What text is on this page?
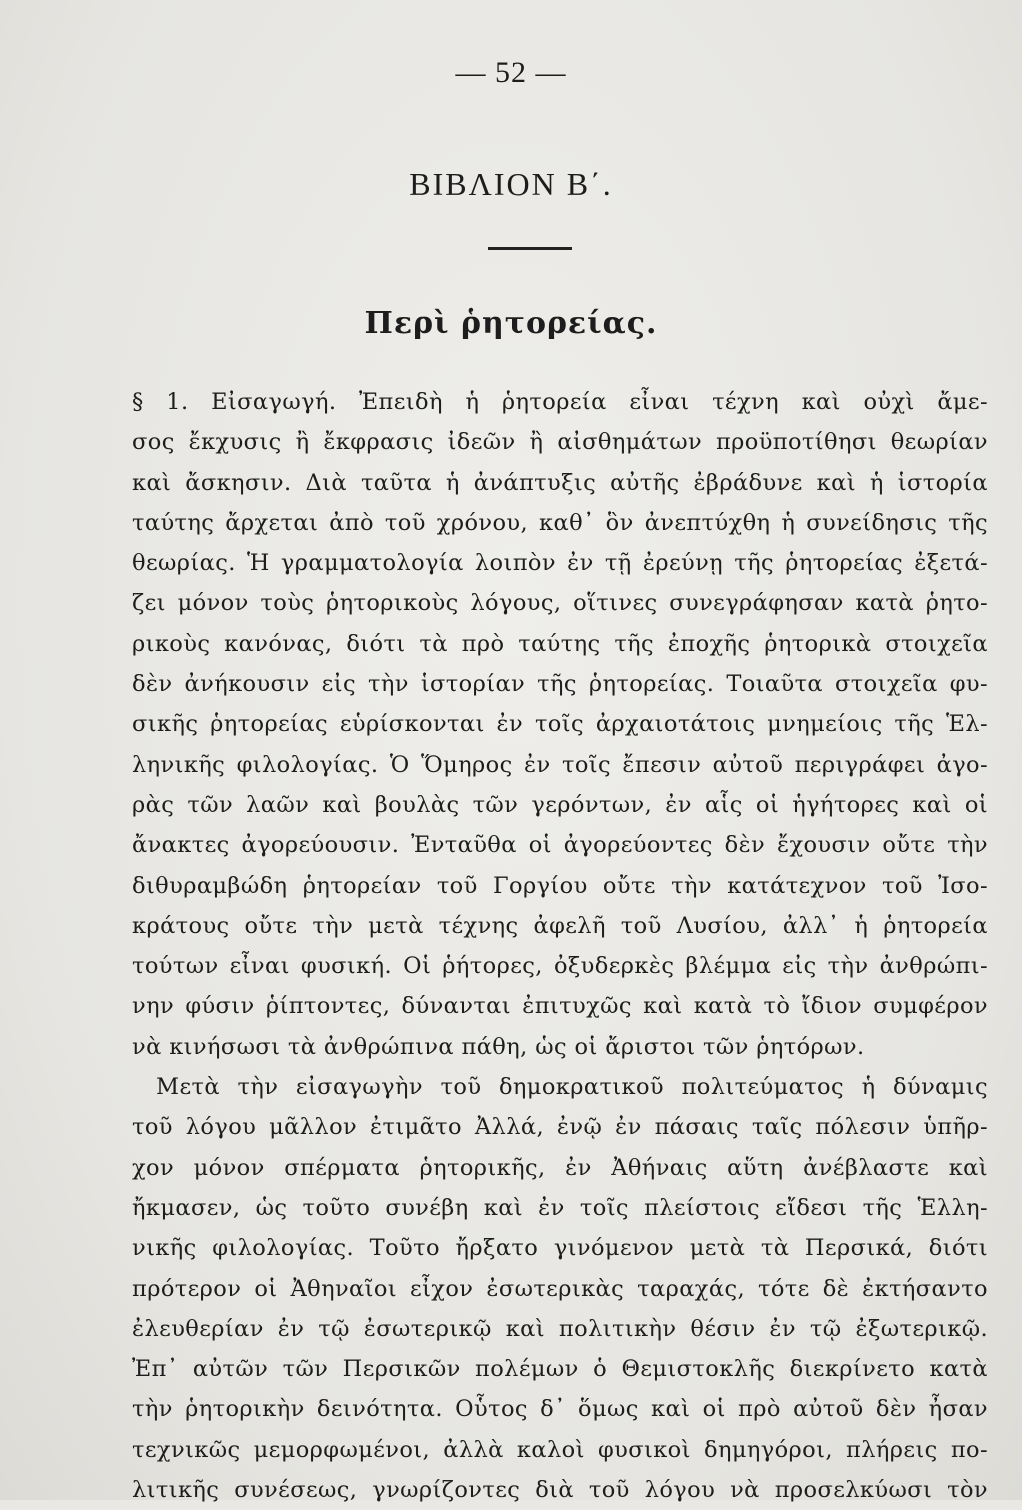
— 52 —
ΒΙΒΛΙΟΝ Β΄.
Περὶ ῥητορείας.
§ 1. Εἰσαγωγή. Ἐπειδὴ ἡ ῥητορεία εἶναι τέχνη καὶ οὐχὶ ἄμε-
σος ἔκχυσις ἢ ἔκφρασις ἰδεῶν ἢ αἰσθημάτων προϋποτίθησι θεωρίαν
καὶ ἄσκησιν. Διὰ ταῦτα ἡ ἀνάπτυξις αὐτῆς ἐβράδυνε καὶ ἡ ἱστορία
ταύτης ἄρχεται ἀπὸ τοῦ χρόνου, καθ᾿ ὃν ἀνεπτύχθη ἡ συνείδησις τῆς
θεωρίας. Ἡ γραμματολογία λοιπὸν ἐν τῇ ἐρεύνῃ τῆς ῥητορείας ἐξετά-
ζει μόνον τοὺς ῥητορικοὺς λόγους, οἵτινες συνεγράφησαν κατὰ ῥητο-
ρικοὺς κανόνας, διότι τὰ πρὸ ταύτης τῆς ἐποχῆς ῥητορικὰ στοιχεῖα
δὲν ἀνήκουσιν εἰς τὴν ἱστορίαν τῆς ῥητορείας. Τοιαῦτα στοιχεῖα φυ-
σικῆς ῥητορείας εὑρίσκονται ἐν τοῖς ἀρχαιοτάτοις μνημείοις τῆς Ἑλ-
ληνικῆς φιλολογίας. Ὁ Ὅμηρος ἐν τοῖς ἔπεσιν αὐτοῦ περιγράφει ἀγο-
ρὰς τῶν λαῶν καὶ βουλὰς τῶν γερόντων, ἐν αἷς οἱ ἡγήτορες καὶ οἱ
ἄνακτες ἀγορεύουσιν. Ἐνταῦθα οἱ ἀγορεύοντες δὲν ἔχουσιν οὔτε τὴν
διθυραμβώδη ῥητορείαν τοῦ Γοργίου οὔτε τὴν κατάτεχνον τοῦ Ἰσο-
κράτους οὔτε τὴν μετὰ τέχνης ἀφελῆ τοῦ Λυσίου, ἀλλ᾿ ἡ ῥητορεία
τούτων εἶναι φυσική. Οἱ ῥήτορες, ὀξυδερκὲς βλέμμα εἰς τὴν ἀνθρώπι-
νην φύσιν ῥίπτοντες, δύνανται ἐπιτυχῶς καὶ κατὰ τὸ ἴδιον συμφέρον
νὰ κινήσωσι τὰ ἀνθρώπινα πάθη, ὡς οἱ ἄριστοι τῶν ῥητόρων.
Μετὰ τὴν εἰσαγωγὴν τοῦ δημοκρατικοῦ πολιτεύματος ἡ δύναμις
τοῦ λόγου μᾶλλον ἐτιμᾶτο Ἀλλά, ἐνῷ ἐν πάσαις ταῖς πόλεσιν ὑπῆρ-
χον μόνον σπέρματα ῥητορικῆς, ἐν Ἀθήναις αὕτη ἀνέβλαστε καὶ
ἤκμασεν, ὡς τοῦτο συνέβη καὶ ἐν τοῖς πλείστοις εἴδεσι τῆς Ἑλλη-
νικῆς φιλολογίας. Τοῦτο ἤρξατο γινόμενον μετὰ τὰ Περσικά, διότι
πρότερον οἱ Ἀθηναῖοι εἶχον ἐσωτερικὰς ταραχάς, τότε δὲ ἐκτήσαντο
ἐλευθερίαν ἐν τῷ ἐσωτερικῷ καὶ πολιτικὴν θέσιν ἐν τῷ ἐξωτερικῷ.
Ἐπ᾿ αὐτῶν τῶν Περσικῶν πολέμων ὁ Θεμιστοκλῆς διεκρίνετο κατὰ
τὴν ῥητορικὴν δεινότητα. Οὗτος δ᾿ ὅμως καὶ οἱ πρὸ αὐτοῦ δὲν ἦσαν
τεχνικῶς μεμορφωμένοι, ἀλλὰ καλοὶ φυσικοὶ δημηγόροι, πλήρεις πο-
λιτικῆς συνέσεως, γνωρίζοντες διὰ τοῦ λόγου νὰ προσελκύωσι τὸν
